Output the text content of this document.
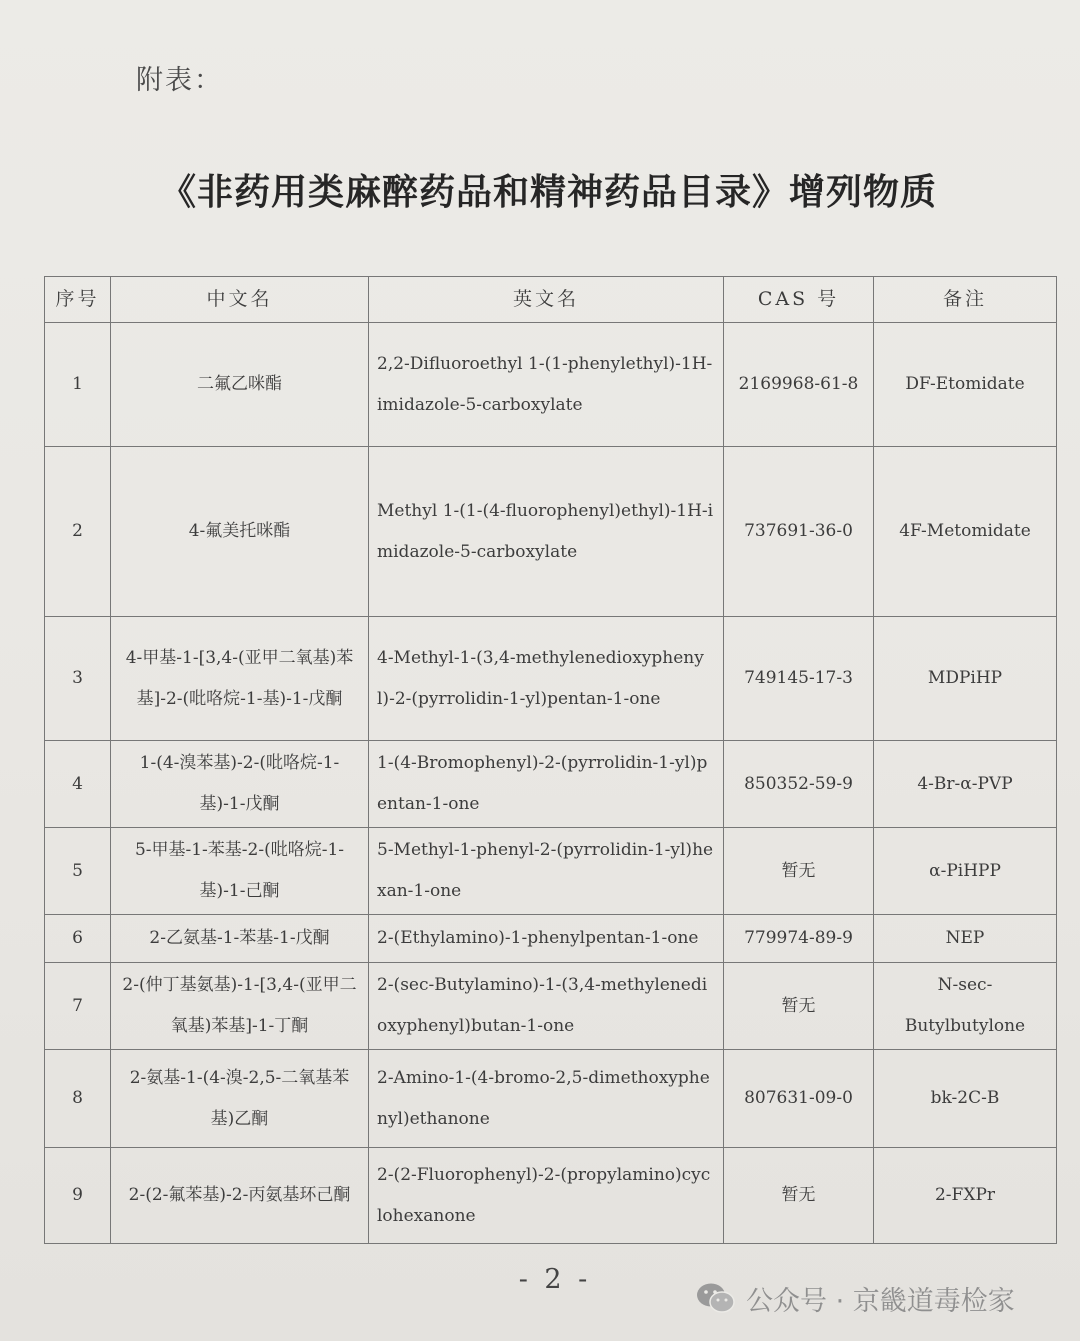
附表：
《非药用类麻醉药品和精神药品目录》增列物质
序号	中文名	英文名	CAS 号	备注
1	二氟乙咪酯	2,2-Difluoroethyl 1-(1-phenylethyl)-1H-imidazole-5-carboxylate	2169968-61-8	DF-Etomidate
2	4-氟美托咪酯	Methyl 1-(1-(4-fluorophenyl)ethyl)-1H-imidazole-5-carboxylate	737691-36-0	4F-Metomidate
3	4-甲基-1-[3,4-(亚甲二氧基)苯基]-2-(吡咯烷-1-基)-1-戊酮	4-Methyl-1-(3,4-methylenedioxyphenyl)-2-(pyrrolidin-1-yl)pentan-1-one	749145-17-3	MDPiHP
4	1-(4-溴苯基)-2-(吡咯烷-1-基)-1-戊酮	1-(4-Bromophenyl)-2-(pyrrolidin-1-yl)pentan-1-one	850352-59-9	4-Br-α-PVP
5	5-甲基-1-苯基-2-(吡咯烷-1-基)-1-己酮	5-Methyl-1-phenyl-2-(pyrrolidin-1-yl)hexan-1-one	暂无	α-PiHPP
6	2-乙氨基-1-苯基-1-戊酮	2-(Ethylamino)-1-phenylpentan-1-one	779974-89-9	NEP
7	2-(仲丁基氨基)-1-[3,4-(亚甲二氧基)苯基]-1-丁酮	2-(sec-Butylamino)-1-(3,4-methylenedioxyphenyl)butan-1-one	暂无	N-sec-Butylbutylone
8	2-氨基-1-(4-溴-2,5-二氧基苯基)乙酮	2-Amino-1-(4-bromo-2,5-dimethoxyphenyl)ethanone	807631-09-0	bk-2C-B
9	2-(2-氟苯基)-2-丙氨基环己酮	2-(2-Fluorophenyl)-2-(propylamino)cyclohexanone	暂无	2-FXPr
- 2 -
公众号 · 京畿道毒检家
